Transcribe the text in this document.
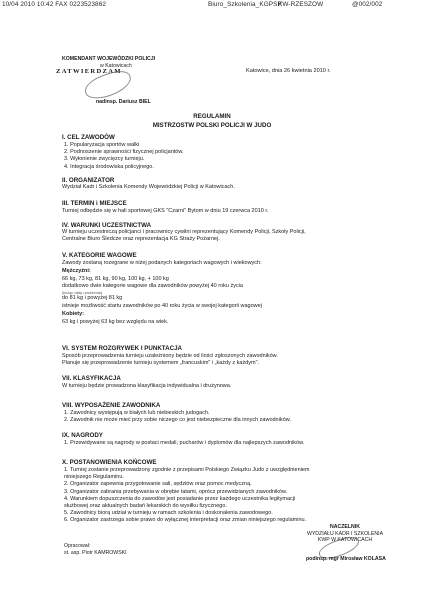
10/04 2010 10:42 FAX 0223523862	Biuro_Szkolenia_KGPSP
KW-RZESZOW	@002/002
KOMENDANT WOJEWÓDZKI POLICJI
w Katowicach
ZATWIERDZAM
nadinsp. Dariusz BIEL
Katowice, dnia 26 kwietnia 2010 r.
REGULAMIN
MISTRZOSTW POLSKI POLICJI W JUDO
I. CEL ZAWODÓW
1. Popularyzacja sportów walki
2. Podnoszenie sprawności fizycznej policjantów.
3. Wyłonienie zwycięzcy turnieju.
4. Integracja środowiska policyjnego.
II. ORGANIZATOR
Wydział Kadr i Szkolenia Komendy Wojewódzkiej Policji w Katowicach.
III. TERMIN i MIEJSCE
Turniej odbędzie się w hali sportowej GKS "Czarni" Bytom w dniu 19 czerwca 2010 r.
IV. WARUNKI UCZESTNICTWA
W turnieju uczestniczą policjanci i pracownicy cywilni reprezentujący Komendy Policji, Szkoły Policji,
Centralne Biuro Śledcze oraz reprezentacja KG Straży Pożarnej.
V. KATEGORIE WAGOWE
Zawody zostaną rozegrane w niżej podanych kategoriach wagowych i wiekowych:
Mężczyźni:
66 kg, 73 kg, 81 kg, 90 kg, 100 kg, + 100 kg
dodatkowo dwie kategorie wagowe dla zawodników powyżej 40 roku życia
(licząc datę urodzenia)
do 81 kg i powyżej 81 kg
istnieje możliwość startu zawodników po 40 roku życia w swojej kategorii wagowej
Kobiety:
63 kg i powyżej 63 kg bez względu na wiek.
VI. SYSTEM ROZGRYWEK I PUNKTACJA
Sposób przeprowadzenia turnieju uzależniony będzie od ilości zgłoszonych zawodników.
Planuje się przeprowadzenie turnieju systemem „francuskim" i „każdy z każdym".
VII. KLASYFIKACJA
W turnieju będzie prowadzona klasyfikacja indywidualna i drużynowa.
VIII. WYPOSAŻENIE ZAWODNIKA
1. Zawodnicy występują w białych lub niebieskich judogach.
2. Zawodnik nie może mieć przy sobie niczego co jest niebezpieczne dla innych zawodników.
IX. NAGRODY
1. Przewidywane są nagrody w postaci medali, pucharów i dyplomów dla najlepszych zawodników.
X. POSTANOWIENIA KOŃCOWE
1. Turniej zostanie przeprowadzony zgodnie z przepisami Polskiego Związku Judo z uwzględnieniem
niniejszego Regulaminu.
2. Organizator zapewnia przygotowanie sali, sędziów oraz pomoc medyczną.
3. Organizator zabrania przebywania w obrębie tatami, oprócz przewidzianych zawodników.
4. Warunkiem dopuszczenia do zawodów jest posiadanie przez każdego uczestnika legitymacji
służbowej oraz aktualnych badań lekarskich do wysiłku fizycznego.
5. Zawodnicy biorą udział w turnieju w ramach szkolenia i doskonalenia zawodowego.
6. Organizator zastrzega sobie prawo do wyłącznej interpretacji oraz zmian niniejszego regulaminu.
Opracował:
st. asp. Piotr KAMROWSKI
NACZELNIK
WYDZIAŁU KADR I SZKOLENIA
KWP W KATOWICACH
podinsp. mgr Mirosław KOLASA
